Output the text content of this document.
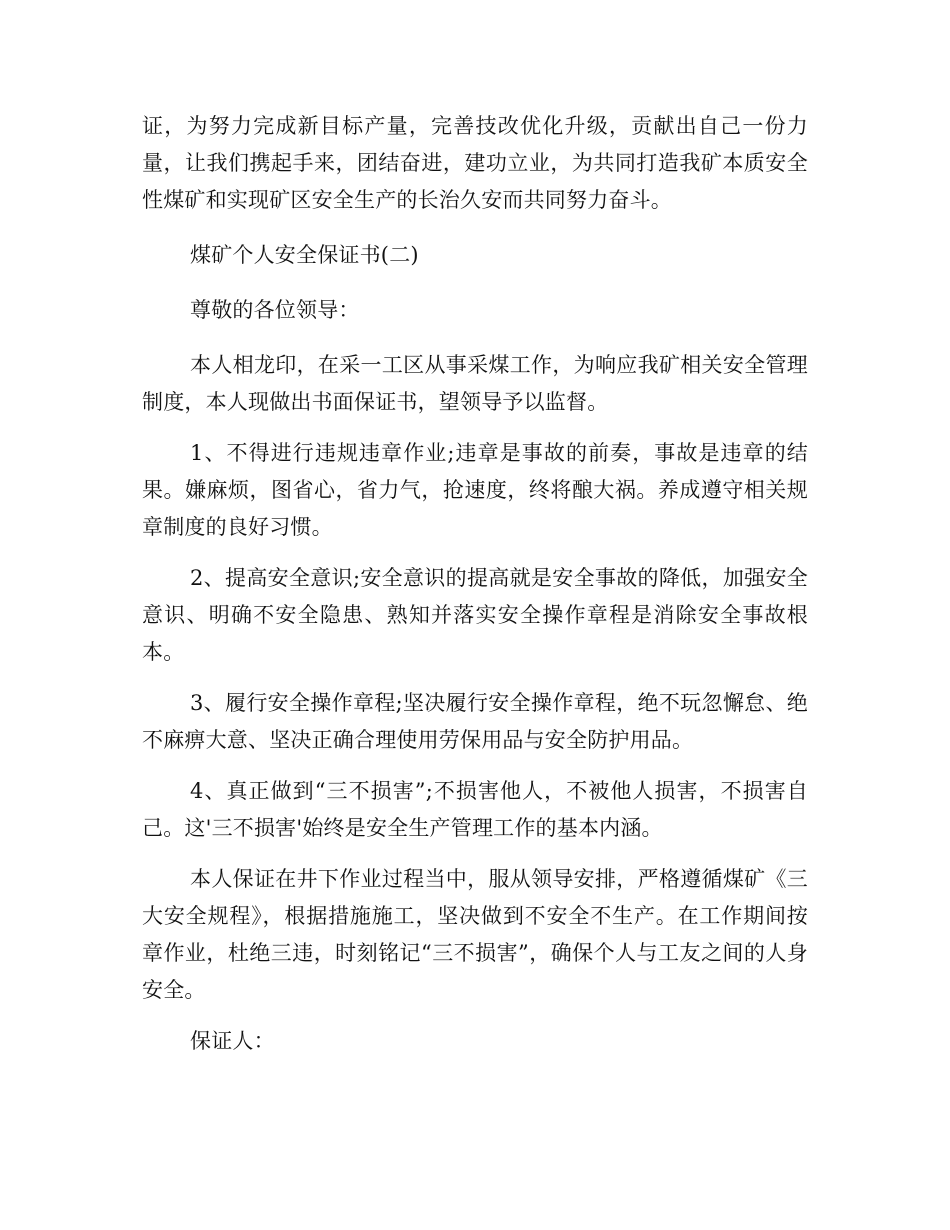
证，为努力完成新目标产量，完善技改优化升级，贡献出自己一份力量，让我们携起手来，团结奋进，建功立业，为共同打造我矿本质安全性煤矿和实现矿区安全生产的长治久安而共同努力奋斗。

煤矿个人安全保证书(二)

尊敬的各位领导：

本人相龙印，在采一工区从事采煤工作，为响应我矿相关安全管理制度，本人现做出书面保证书，望领导予以监督。

1、不得进行违规违章作业;违章是事故的前奏，事故是违章的结果。嫌麻烦，图省心，省力气，抢速度，终将酿大祸。养成遵守相关规章制度的良好习惯。

2、提高安全意识;安全意识的提高就是安全事故的降低，加强安全意识、明确不安全隐患、熟知并落实安全操作章程是消除安全事故根本。

3、履行安全操作章程;坚决履行安全操作章程，绝不玩忽懈怠、绝不麻痹大意、坚决正确合理使用劳保用品与安全防护用品。

4、真正做到“三不损害”;不损害他人，不被他人损害，不损害自己。这'三不损害'始终是安全生产管理工作的基本内涵。

本人保证在井下作业过程当中，服从领导安排，严格遵循煤矿《三大安全规程》，根据措施施工，坚决做到不安全不生产。在工作期间按章作业，杜绝三违，时刻铭记“三不损害”，确保个人与工友之间的人身安全。

保证人：
